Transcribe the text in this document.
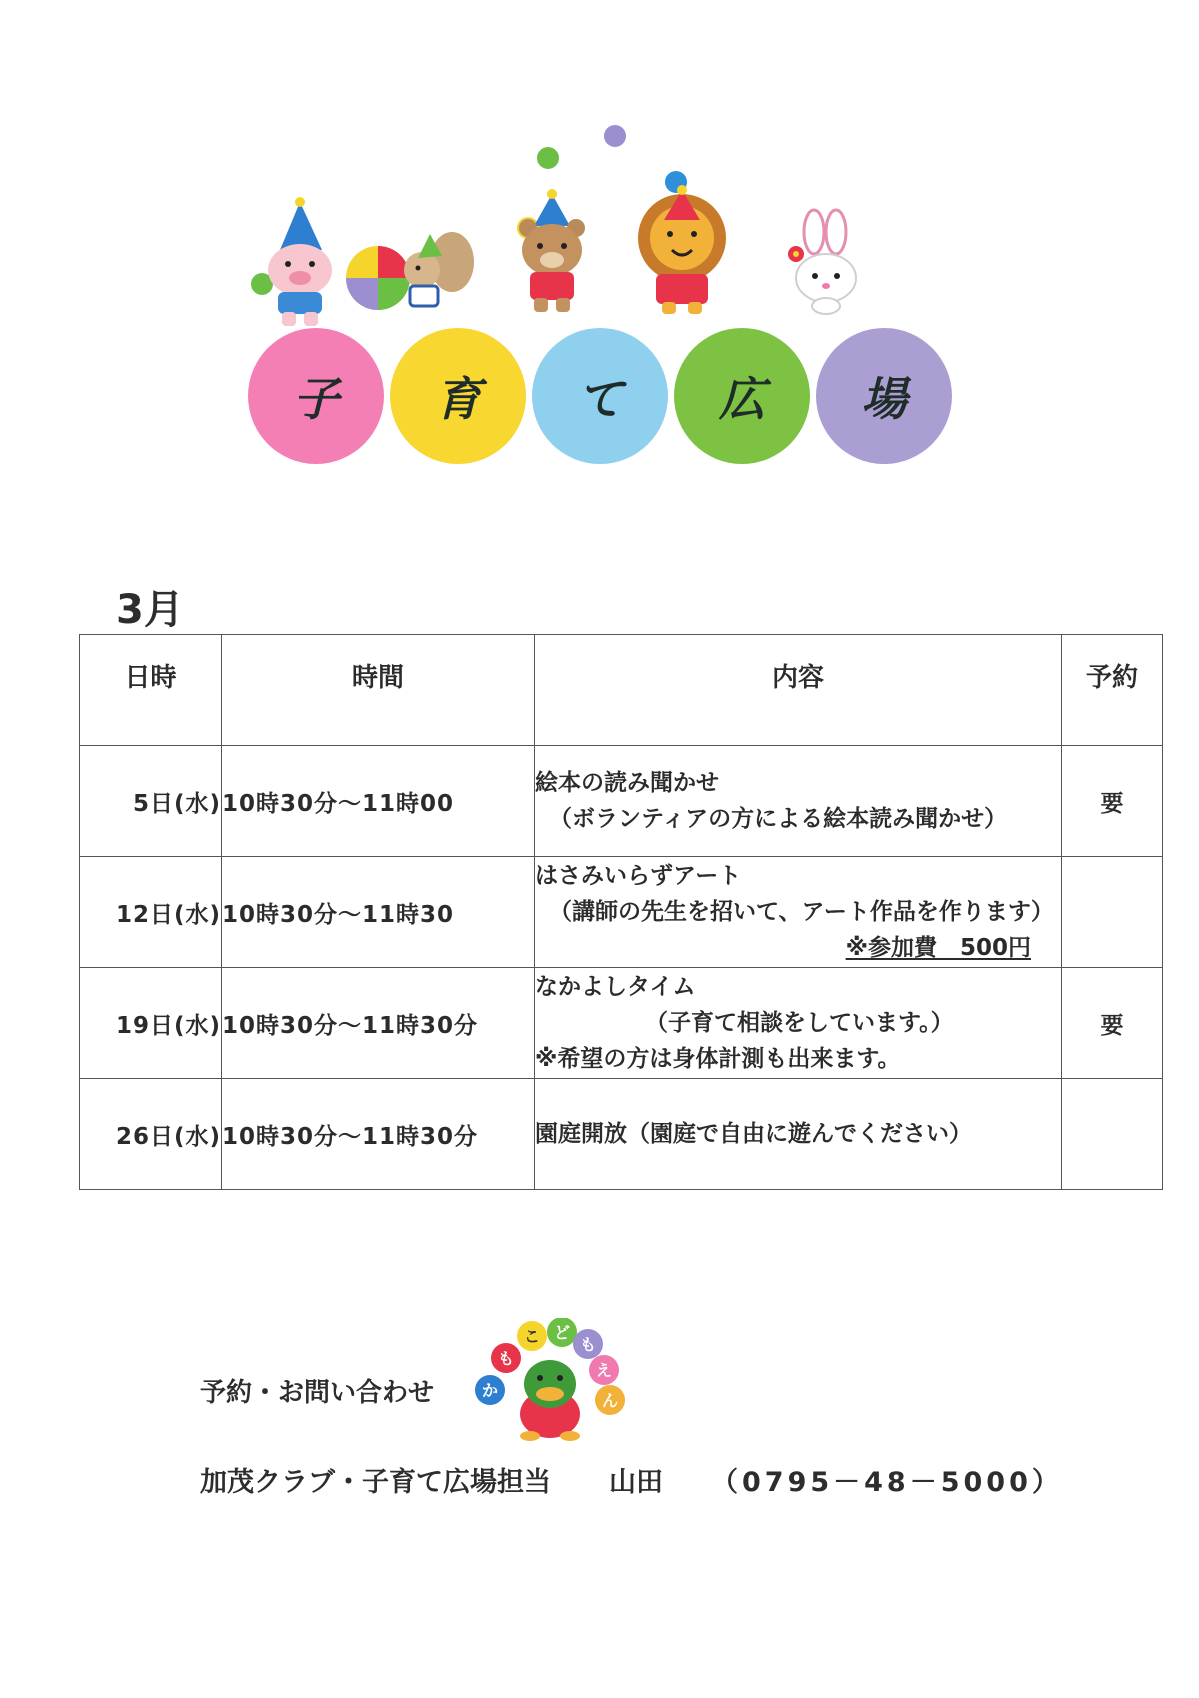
子 育 て 広 場
3月
日時	時間	内容	予約
5日(水)	10時30分～11時00	絵本の読み聞かせ
（ボランティアの方による絵本読み聞かせ）	要
12日(水)	10時30分～11時30	はさみいらずアート
（講師の先生を招いて、アート作品を作ります）
※参加費　500円	

19日(水)	10時30分～11時30分	なかよしタイム
（子育て相談をしています。）
※希望の方は身体計測も出来ます。	要
26日(水)	10時30分～11時30分	園庭開放（園庭で自由に遊んでください）	

予約・お問い合わせ	か
も
こ ど
も
え
ん
加茂クラブ・子育て広場担当 山田 （0795－48－5000）
